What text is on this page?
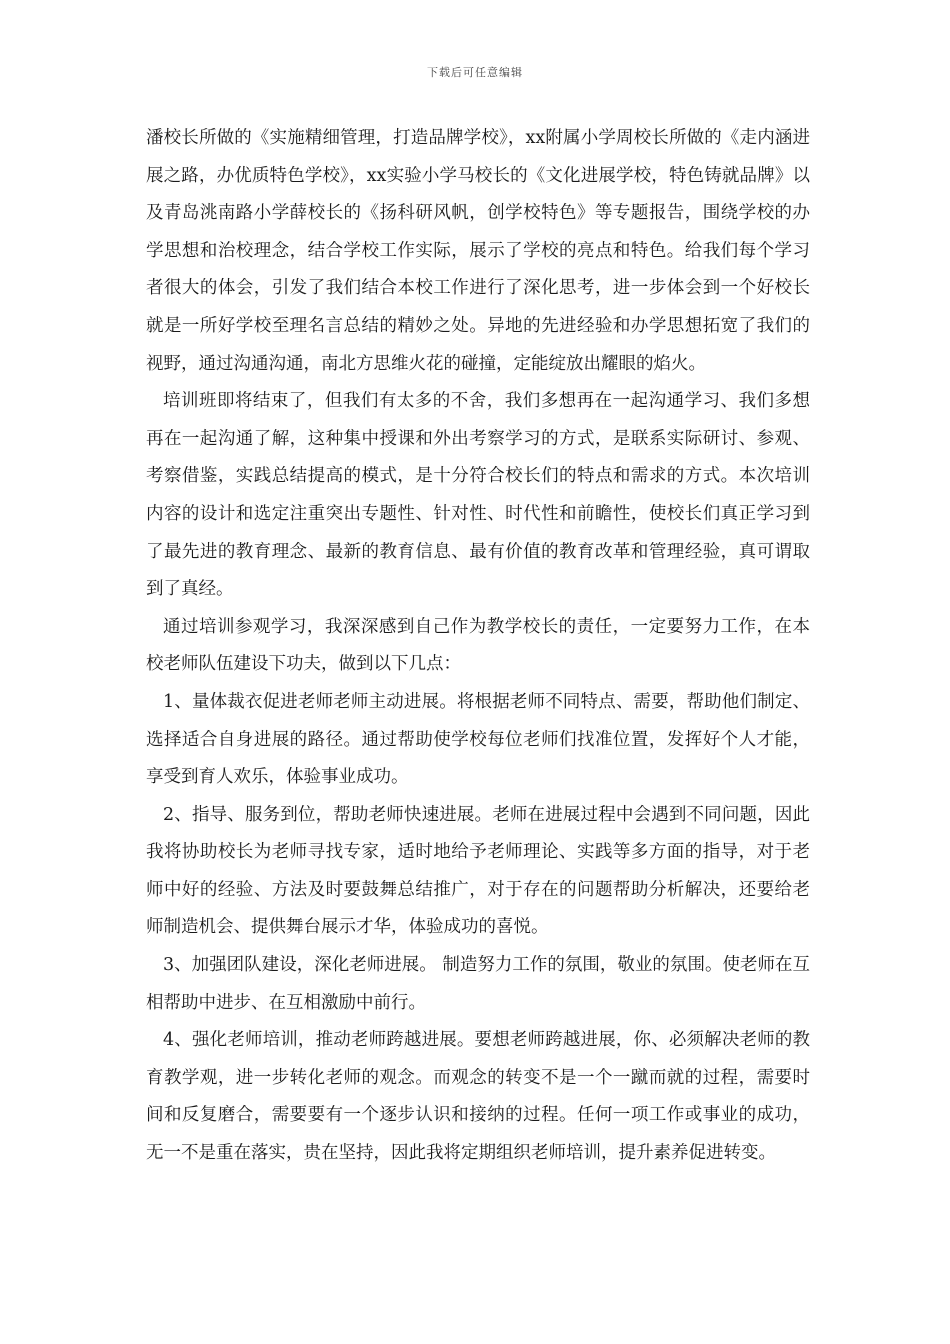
下载后可任意编辑

潘校长所做的《实施精细管理，打造品牌学校》，xx附属小学周校长所做的《走内涵进展之路，办优质特色学校》，xx实验小学马校长的《文化进展学校，特色铸就品牌》以及青岛洮南路小学薛校长的《扬科研风帆，创学校特色》等专题报告，围绕学校的办学思想和治校理念，结合学校工作实际，展示了学校的亮点和特色。给我们每个学习者很大的体会，引发了我们结合本校工作进行了深化思考，进一步体会到一个好校长就是一所好学校至理名言总结的精妙之处。异地的先进经验和办学思想拓宽了我们的视野，通过沟通沟通，南北方思维火花的碰撞，定能绽放出耀眼的焰火。

培训班即将结束了，但我们有太多的不舍，我们多想再在一起沟通学习、我们多想再在一起沟通了解，这种集中授课和外出考察学习的方式，是联系实际研讨、参观、考察借鉴，实践总结提高的模式，是十分符合校长们的特点和需求的方式。本次培训内容的设计和选定注重突出专题性、针对性、时代性和前瞻性，使校长们真正学习到了最先进的教育理念、最新的教育信息、最有价值的教育改革和管理经验，真可谓取到了真经。

通过培训参观学习，我深深感到自己作为教学校长的责任，一定要努力工作，在本校老师队伍建设下功夫，做到以下几点：

1、量体裁衣促进老师老师主动进展。将根据老师不同特点、需要，帮助他们制定、选择适合自身进展的路径。通过帮助使学校每位老师们找准位置，发挥好个人才能，享受到育人欢乐，体验事业成功。

2、指导、服务到位，帮助老师快速进展。老师在进展过程中会遇到不同问题，因此我将协助校长为老师寻找专家，适时地给予老师理论、实践等多方面的指导，对于老师中好的经验、方法及时要鼓舞总结推广，对于存在的问题帮助分析解决，还要给老师制造机会、提供舞台展示才华，体验成功的喜悦。

3、加强团队建设，深化老师进展。 制造努力工作的氛围，敬业的氛围。使老师在互相帮助中进步、在互相激励中前行。

4、强化老师培训，推动老师跨越进展。要想老师跨越进展，你、必须解决老师的教育教学观，进一步转化老师的观念。而观念的转变不是一个一蹴而就的过程，需要时间和反复磨合，需要要有一个逐步认识和接纳的过程。任何一项工作或事业的成功，无一不是重在落实，贵在坚持，因此我将定期组织老师培训，提升素养促进转变。
